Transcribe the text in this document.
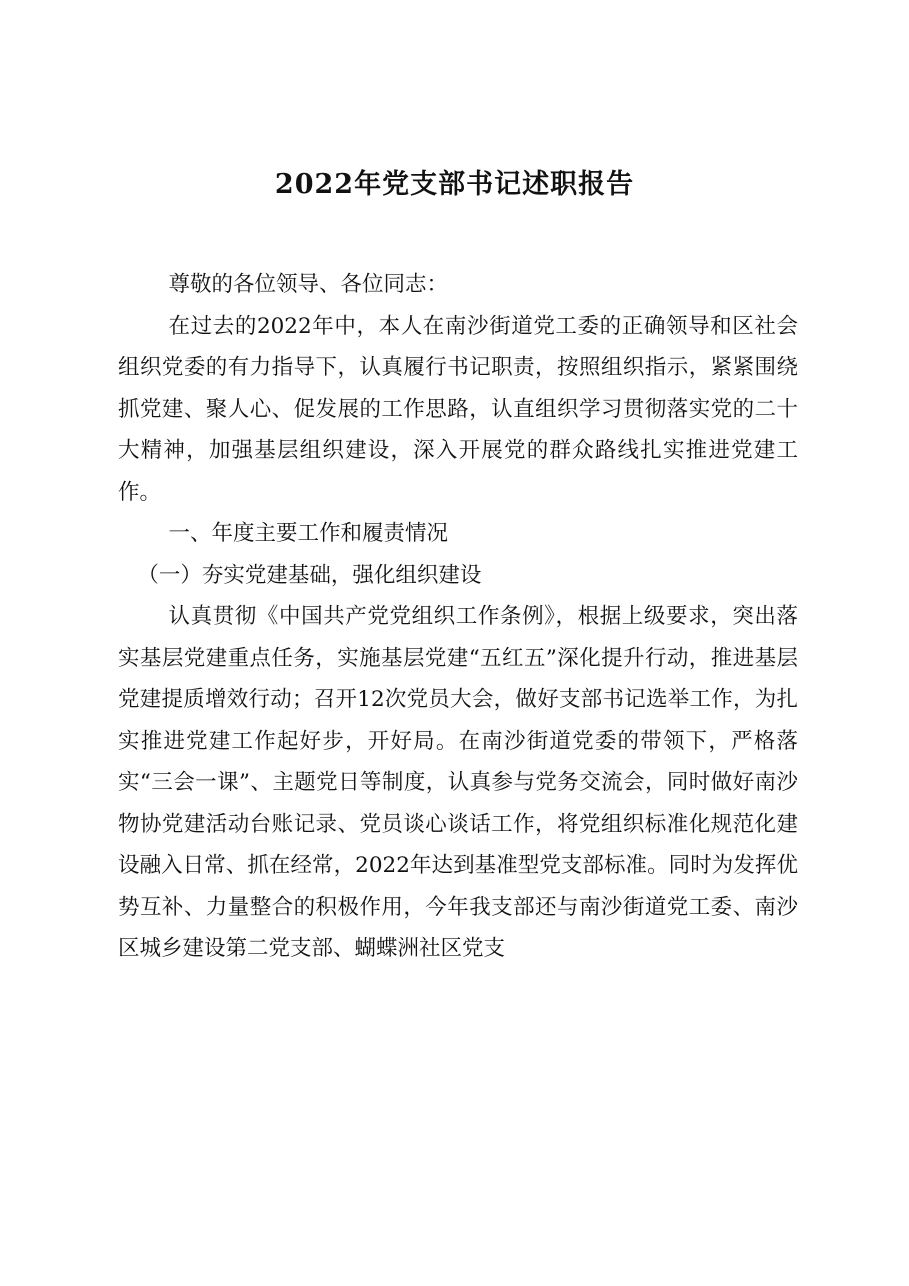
2022年党支部书记述职报告

尊敬的各位领导、各位同志：

在过去的2022年中，本人在南沙街道党工委的正确领导和区社会组织党委的有力指导下，认真履行书记职责，按照组织指示，紧紧围绕抓党建、聚人心、促发展的工作思路，认直组织学习贯彻落实党的二十大精神，加强基层组织建设，深入开展党的群众路线扎实推进党建工作。

一、年度主要工作和履责情况

（一）夯实党建基础，强化组织建设

认真贯彻《中国共产党党组织工作条例》，根据上级要求，突出落实基层党建重点任务，实施基层党建“五红五”深化提升行动，推进基层党建提质增效行动；召开12次党员大会，做好支部书记选举工作，为扎实推进党建工作起好步，开好局。在南沙街道党委的带领下，严格落实“三会一课”、主题党日等制度，认真参与党务交流会，同时做好南沙物协党建活动台账记录、党员谈心谈话工作，将党组织标准化规范化建设融入日常、抓在经常，2022年达到基准型党支部标准。同时为发挥优势互补、力量整合的积极作用，今年我支部还与南沙街道党工委、南沙区城乡建设第二党支部、蝴蝶洲社区党支
